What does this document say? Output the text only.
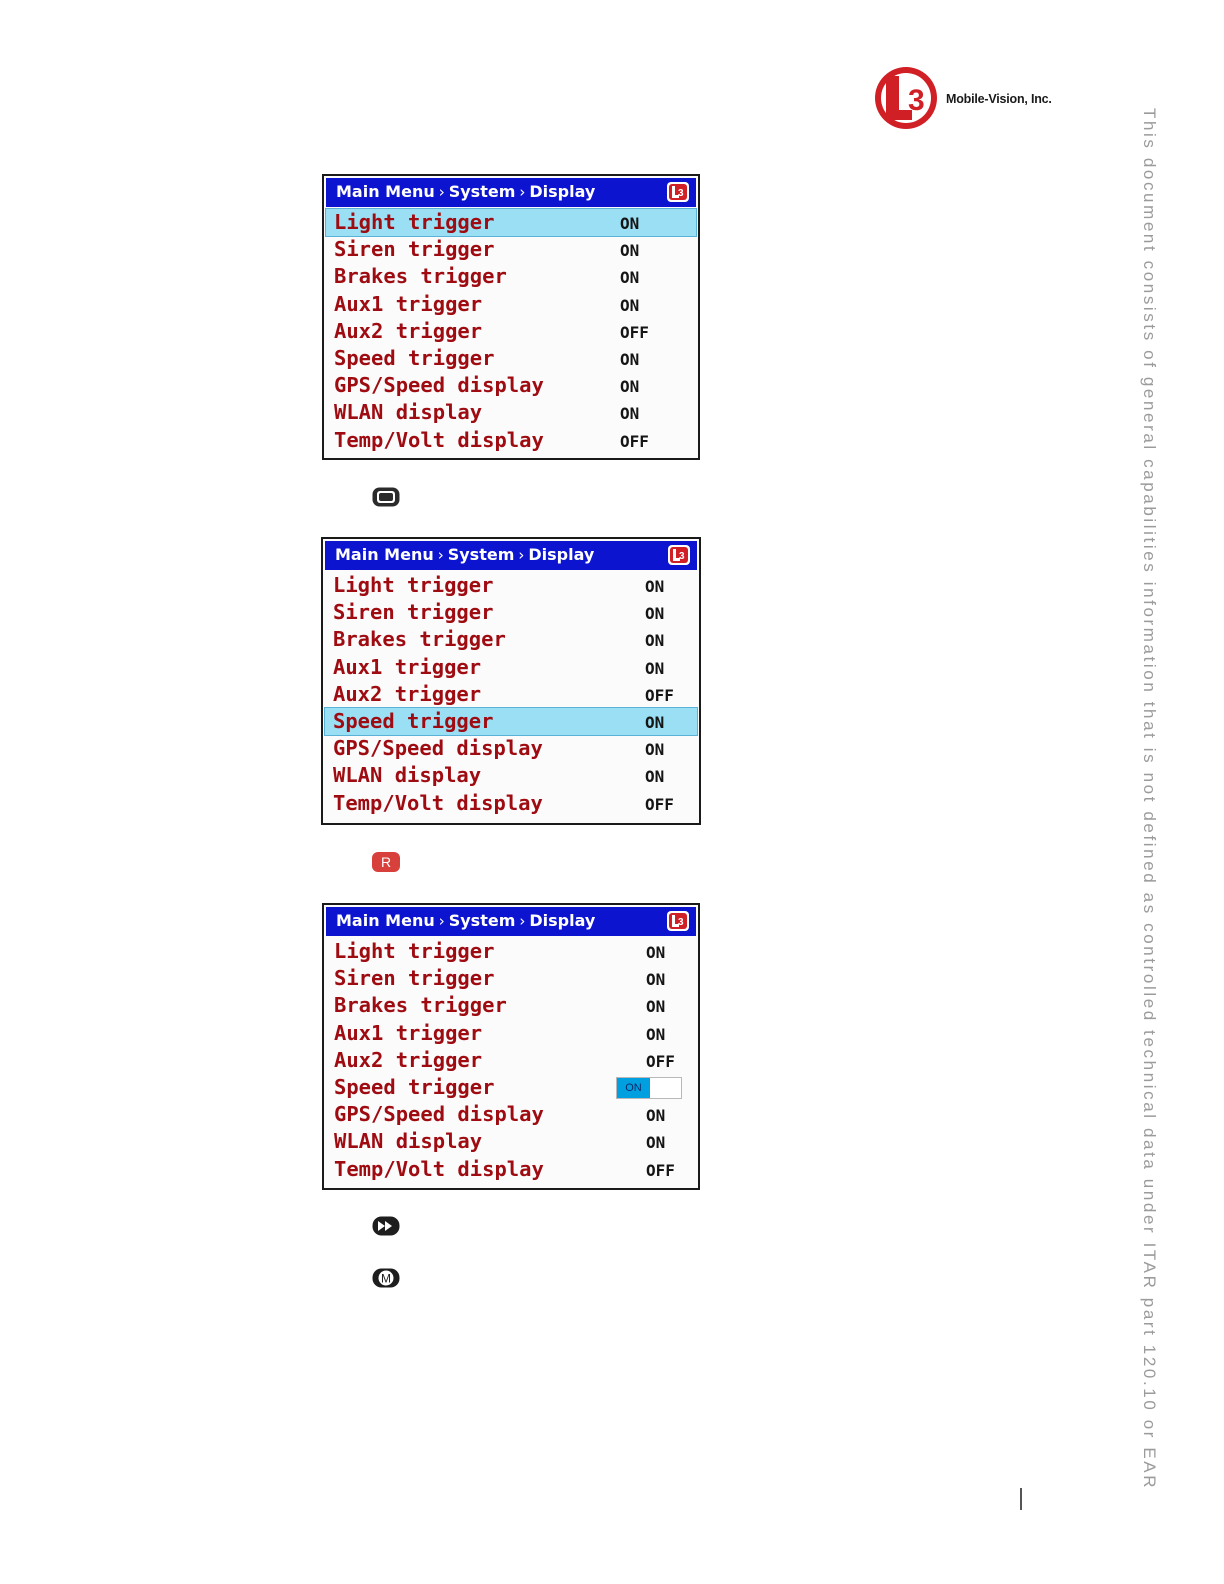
3 Mobile-Vision, Inc.
This document consists of general capabilities information that is not defined as controlled technical data under ITAR part 120.10 or EAR
Main Menu › System › Display	3
Light trigger	ON
Siren trigger	ON
Brakes trigger	ON
Aux1 trigger	ON
Aux2 trigger	OFF
Speed trigger	ON
GPS/Speed display	ON
WLAN display	ON
Temp/Volt display	OFF
Main Menu › System › Display	3
Light trigger	ON
Siren trigger	ON
Brakes trigger	ON
Aux1 trigger	ON
Aux2 trigger	OFF
Speed trigger	ON
GPS/Speed display	ON
WLAN display	ON
Temp/Volt display	OFF
R
Main Menu › System › Display	3
Light trigger	ON
Siren trigger	ON
Brakes trigger	ON
Aux1 trigger	ON
Aux2 trigger	OFF
Speed trigger	ON
GPS/Speed display	ON
WLAN display	ON
Temp/Volt display	OFF
M
